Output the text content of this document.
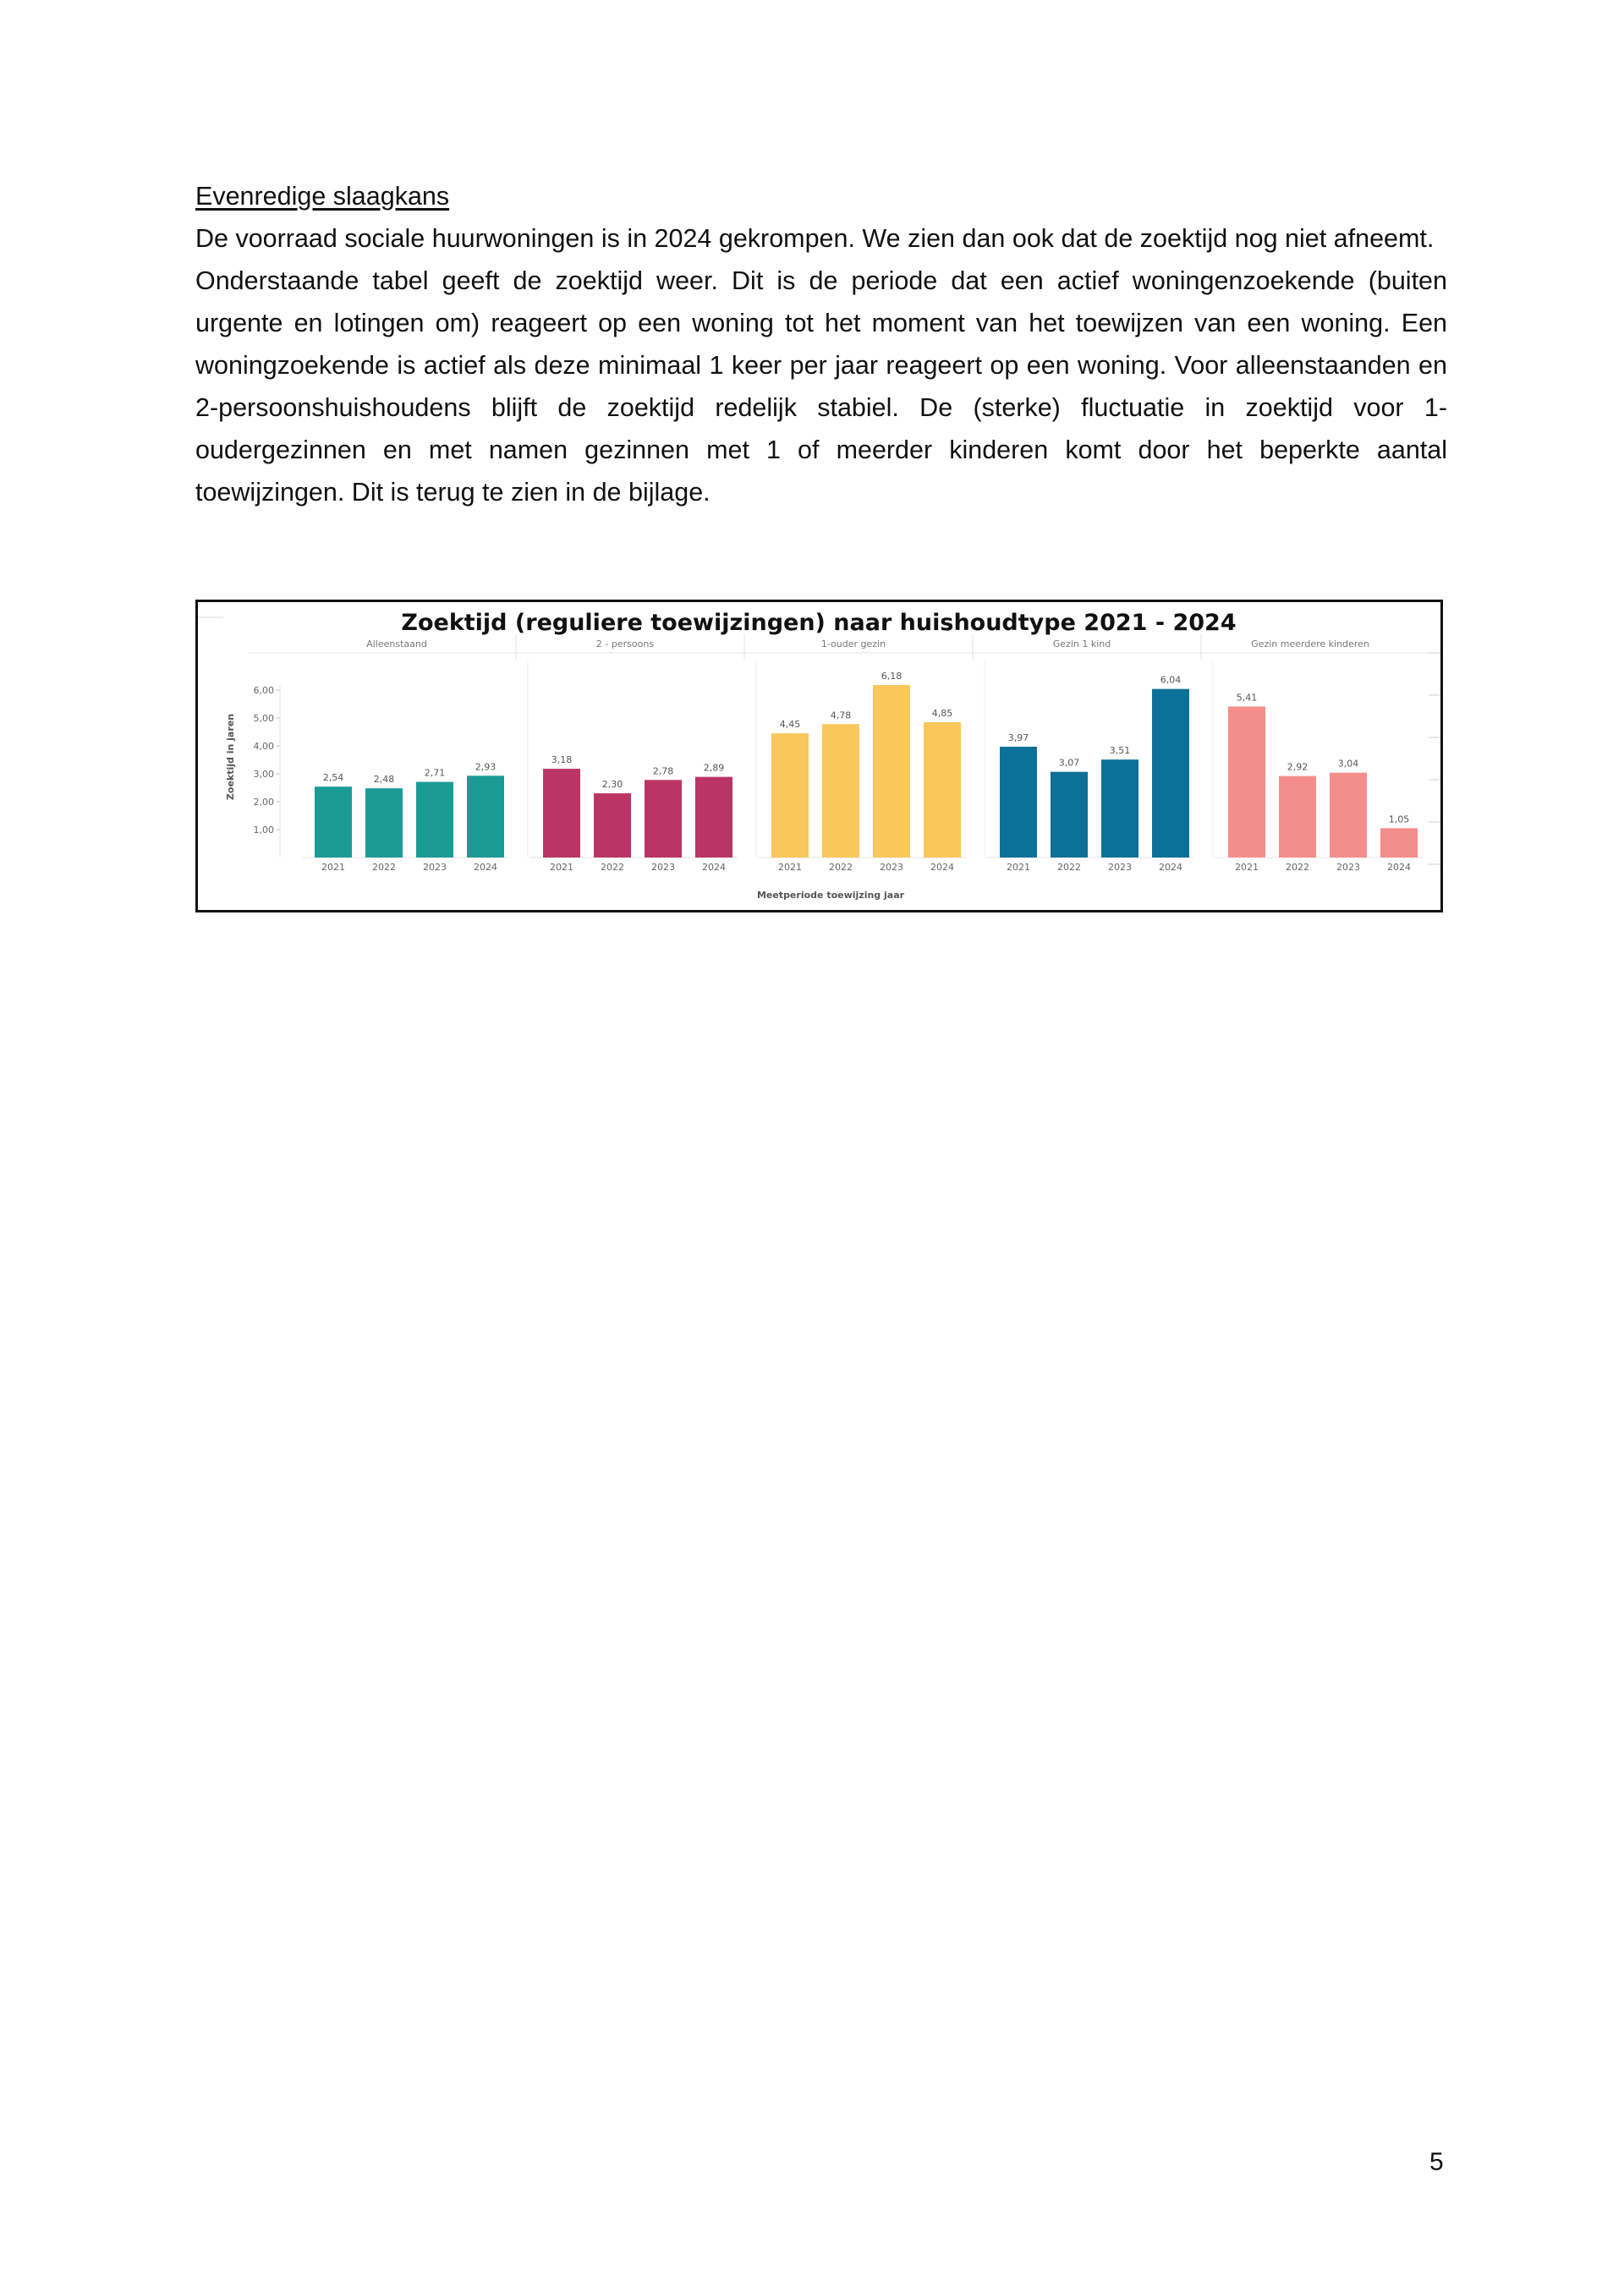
Evenredige slaagkans

De voorraad sociale huurwoningen is in 2024 gekrompen. We zien dan ook dat de zoektijd nog niet afneemt.

Onderstaande tabel geeft de zoektijd weer. Dit is de periode dat een actief woningenzoekende (buiten urgente en lotingen om) reageert op een woning tot het moment van het toewijzen van een woning. Een woningzoekende is actief als deze minimaal 1 keer per jaar reageert op een woning. Voor alleenstaanden en 2-persoonshuishoudens blijft de zoektijd redelijk stabiel. De (sterke) fluctuatie in zoektijd voor 1-oudergezinnen en met namen gezinnen met 1 of meerder kinderen komt door het beperkte aantal toewijzingen. Dit is terug te zien in de bijlage.

1,00
2,00
3,00
4,00
5,00
6,00
Alleenstaand	2 - persoons	1-ouder gezin	Gezin 1 kind	Gezin meerdere kinderen
2,54
2021
2,48
2022
2,71
2023
2,93
2024
3,18
2021
2,30
2022
2,78
2023
2,89
2024
4,45
2021
4,78
2022
6,18
2023
4,85
2024
3,97
2021
3,07
2022
3,51
2023
6,04
2024
5,41
2021
2,92
2022
3,04
2023
1,05
2024
Zoektijd (reguliere toewijzingen) naar huishoudtype 2021 - 2024
Zoektijd in jaren
Meetperiode toewijzing jaar
5
